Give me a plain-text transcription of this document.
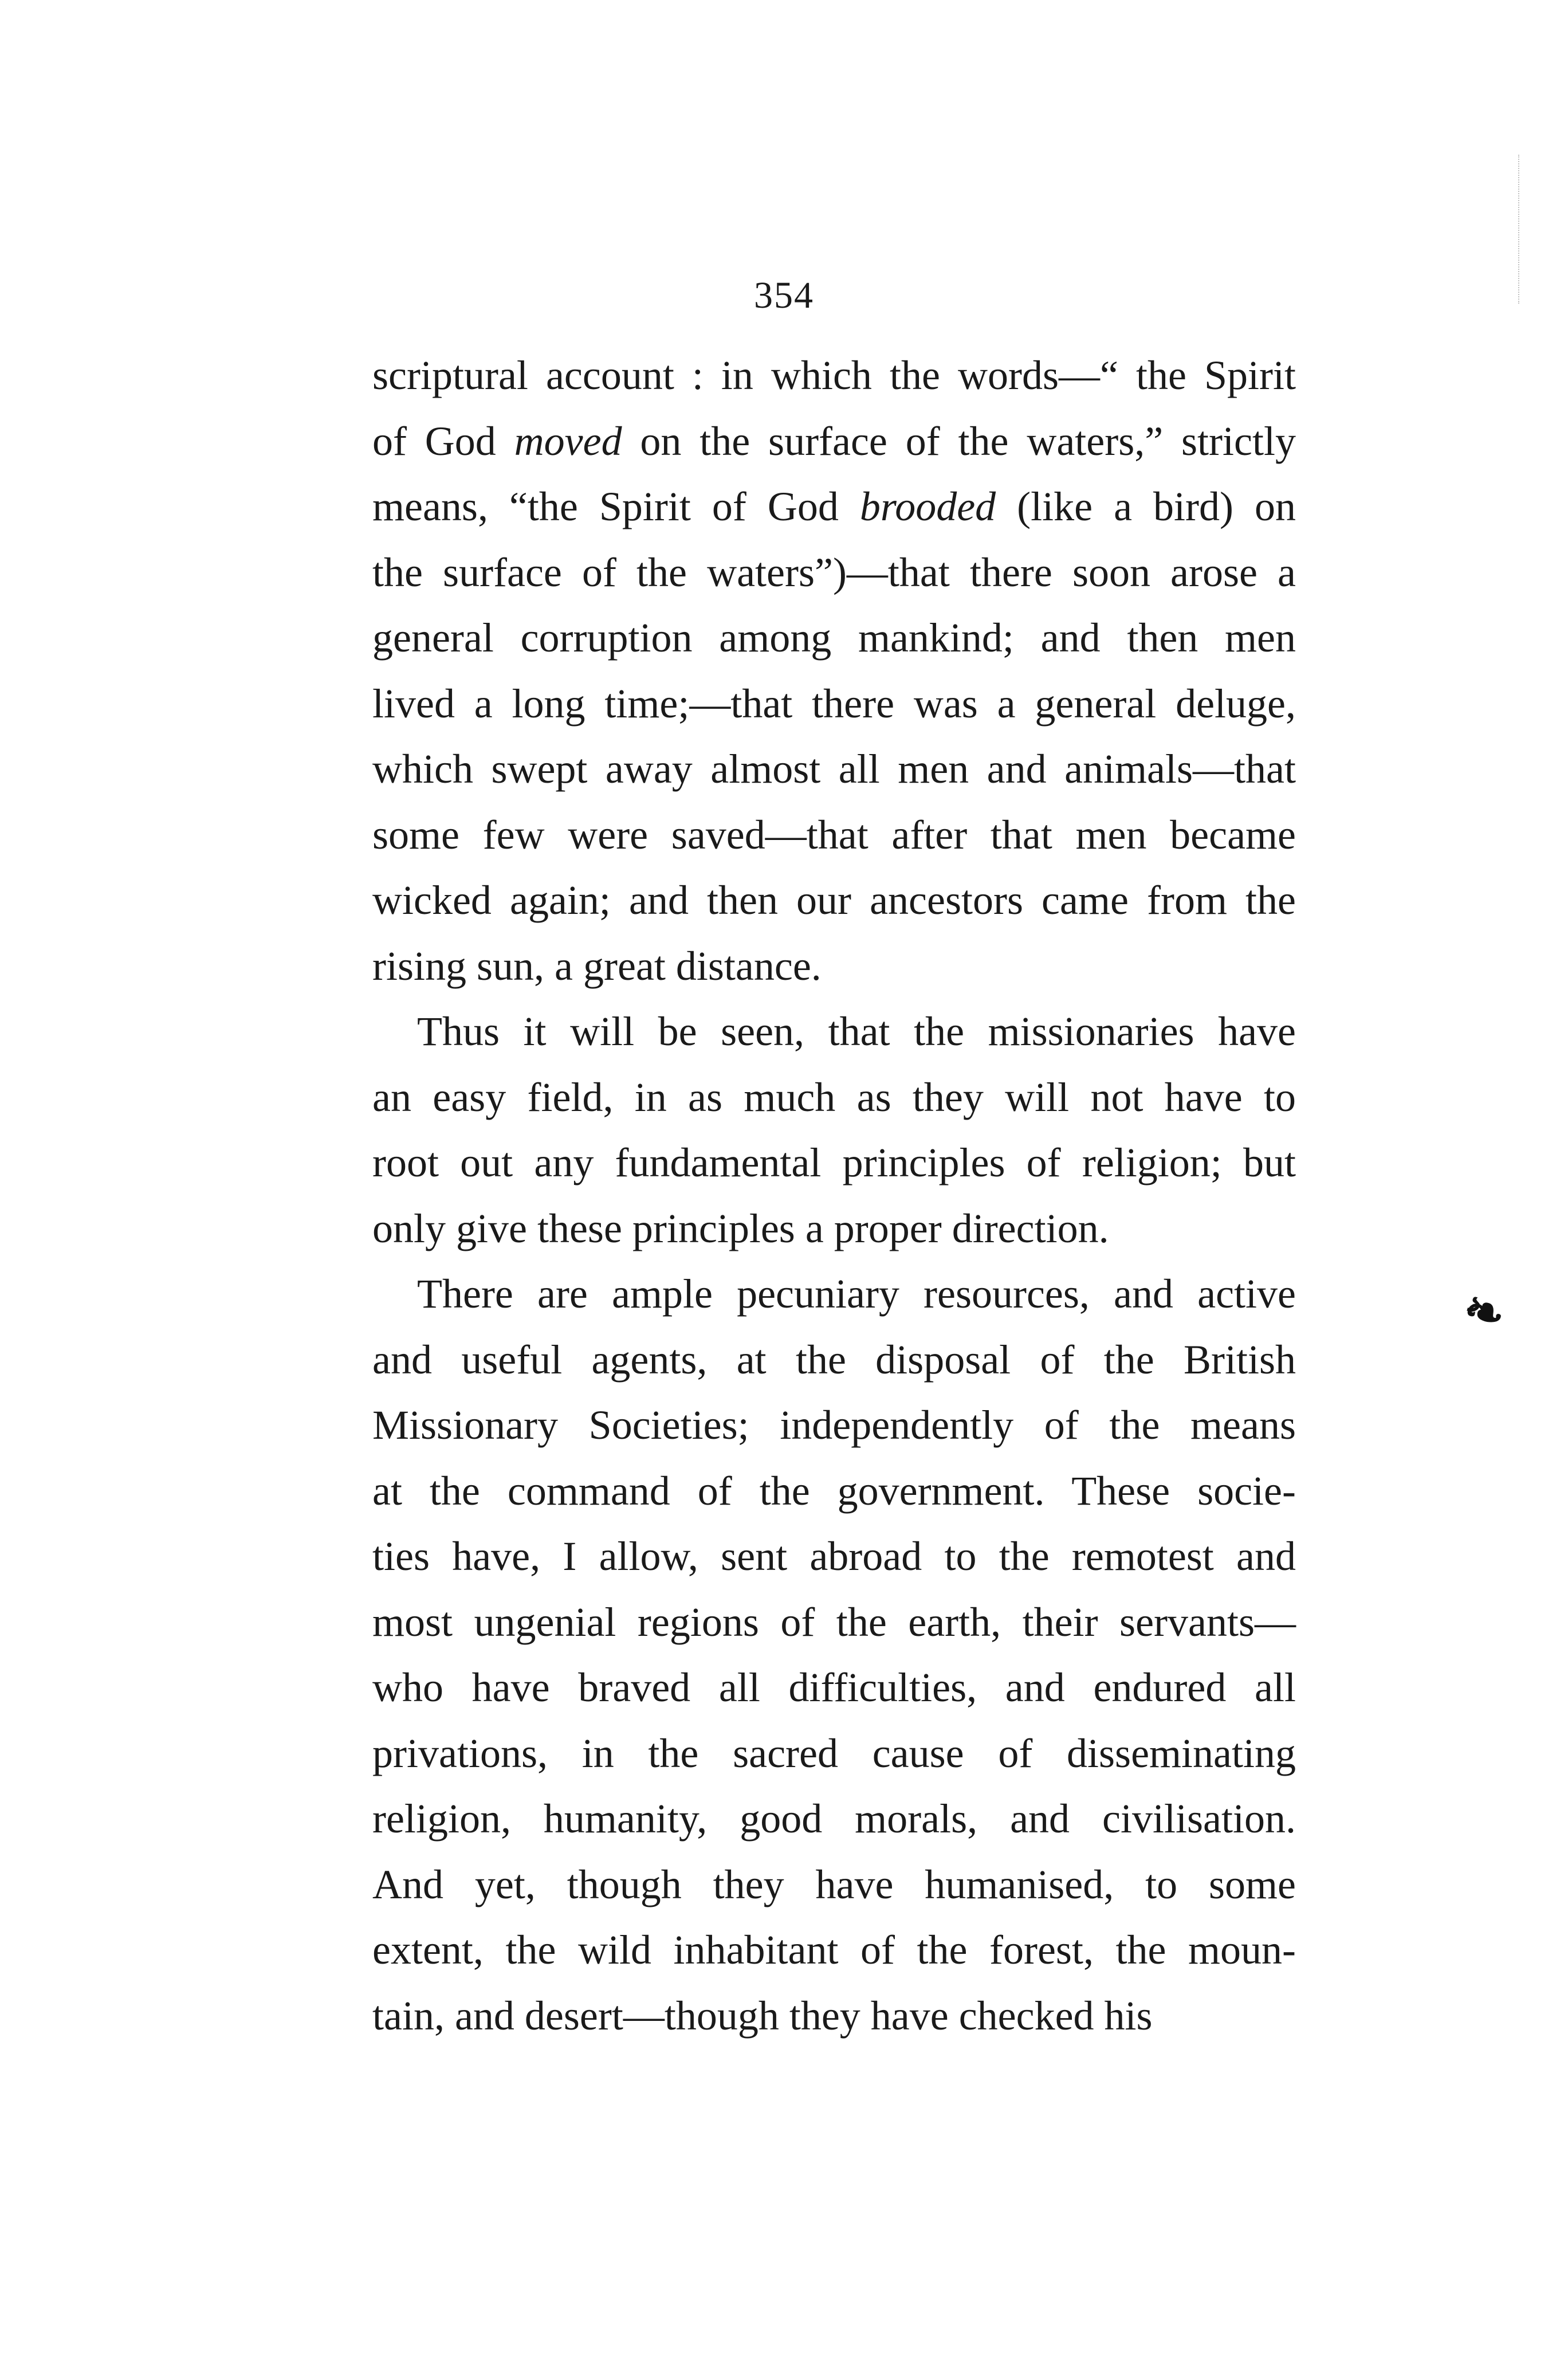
354
❧
scriptural account : in which the words—“ the Spirit
of God moved on the surface of the waters,” strictly
means, “the Spirit of God brooded (like a bird) on
the surface of the waters”)—that there soon arose a
general corruption among mankind; and then men
lived a long time;—that there was a general deluge,
which swept away almost all men and animals—that
some few were saved—that after that men became
wicked again; and then our ancestors came from the
rising sun, a great distance.
Thus it will be seen, that the missionaries have
an easy field, in as much as they will not have to
root out any fundamental principles of religion; but
only give these principles a proper direction.
There are ample pecuniary resources, and active
and useful agents, at the disposal of the British
Missionary Societies; independently of the means
at the command of the government. These socie-
ties have, I allow, sent abroad to the remotest and
most ungenial regions of the earth, their servants—
who have braved all difficulties, and endured all
privations, in the sacred cause of disseminating
religion, humanity, good morals, and civilisation.
And yet, though they have humanised, to some
extent, the wild inhabitant of the forest, the moun-
tain, and desert—though they have checked his
